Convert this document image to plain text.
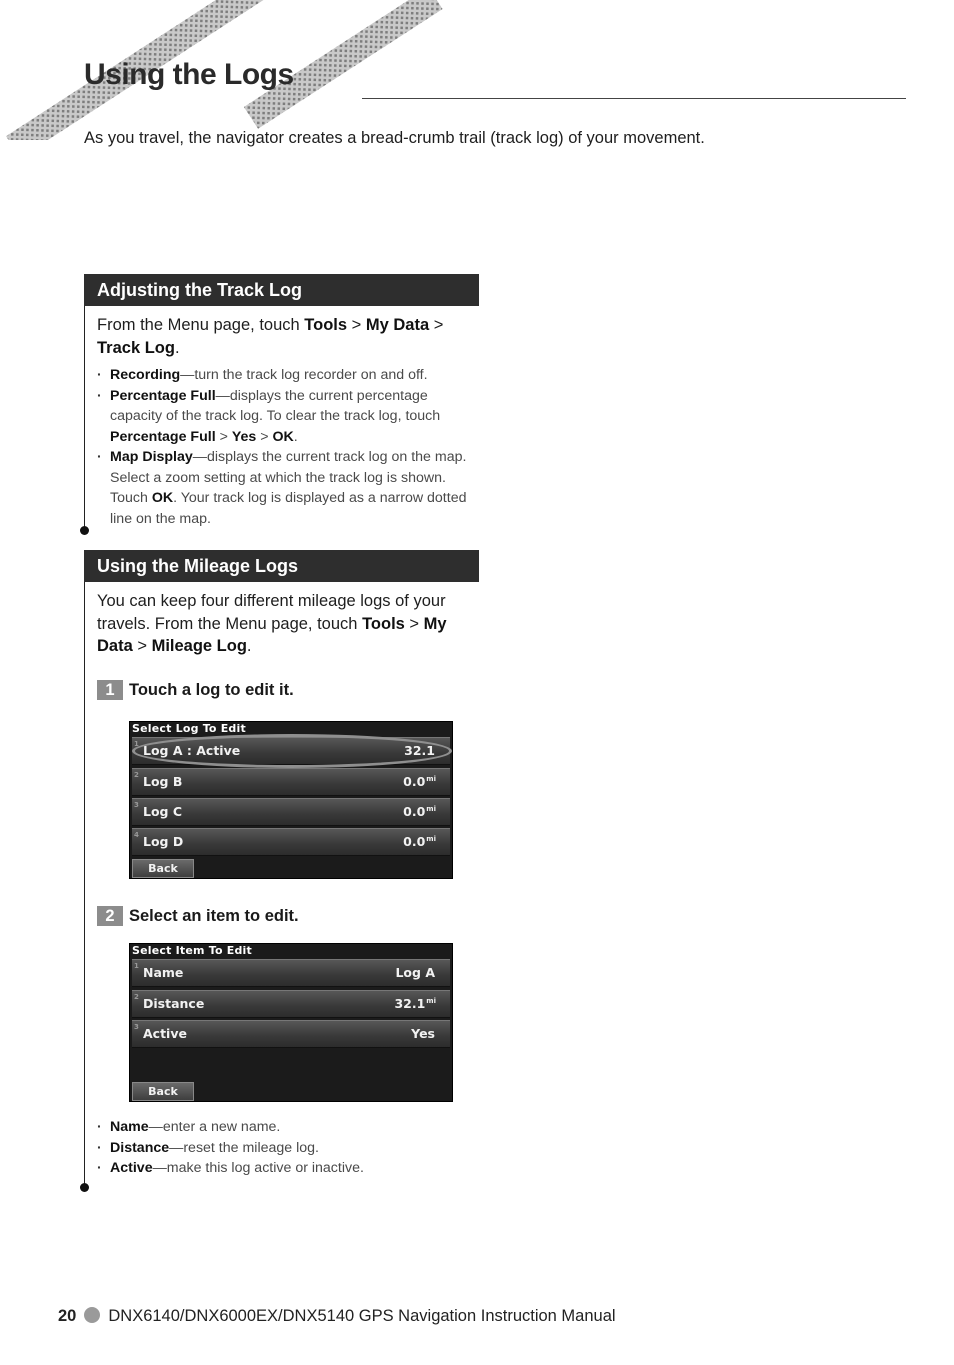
Using the Logs
As you travel, the navigator creates a bread-crumb trail (track log) of your movement.
Adjusting the Track Log
From the Menu page, touch Tools > My Data > Track Log.
· Recording—turn the track log recorder on and off.
· Percentage Full—displays the current percentage capacity of the track log. To clear the track log, touch Percentage Full > Yes > OK.
· Map Display—displays the current track log on the map. Select a zoom setting at which the track log is shown. Touch OK. Your track log is displayed as a narrow dotted line on the map.
Using the Mileage Logs
You can keep four different mileage logs of your travels. From the Menu page, touch Tools > My Data > Mileage Log.
1 Touch a log to edit it.
Select Log To Edit
1 Log A : Active	32.1
2 Log B	$0.0^{mi}$
3 Log C	$0.0^{mi}$
4 Log D	$0.0^{mi}$
Back
2 Select an item to edit.
Select Item To Edit
1 Name	Log A
2 Distance	$32.1^{mi}$
3 Active	Yes
Back
· Name—enter a new name.
· Distance—reset the mileage log.
· Active—make this log active or inactive.
20 DNX6140/DNX6000EX/DNX5140 GPS Navigation Instruction Manual
